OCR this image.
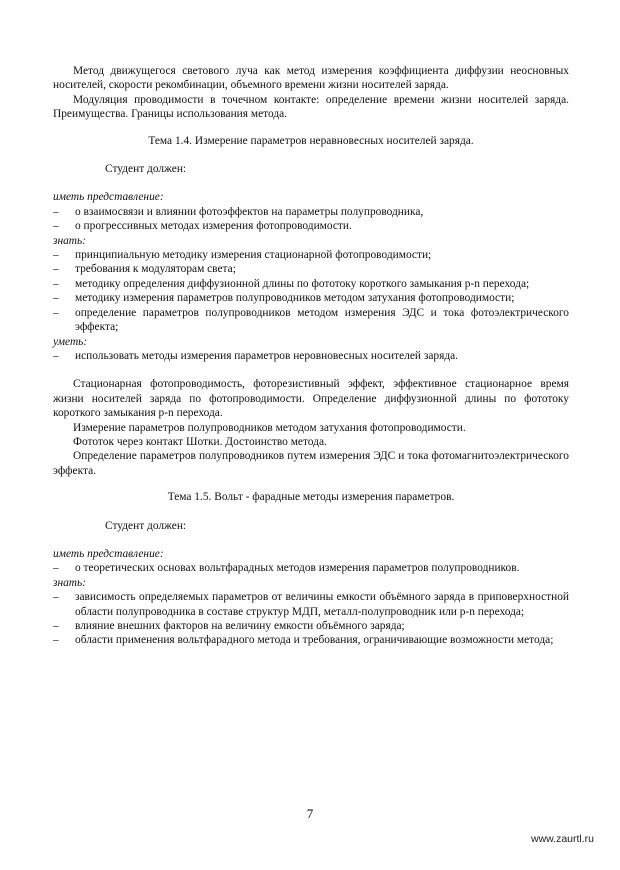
Метод движущегося светового луча как метод измерения коэффициента диффузии неосновных носителей, скорости рекомбинации, объемного времени жизни носителей заряда.

Модуляция проводимости в точечном контакте: определение времени жизни носителей заряда. Преимущества. Границы использования метода.

Тема 1.4. Измерение параметров неравновесных носителей заряда.

Студент должен:

иметь представление:

–	о взаимосвязи и влиянии фотоэффектов на параметры полупроводника,
–	о прогрессивных методах измерения фотопроводимости.

знать:

–	принципиальную методику измерения стационарной фотопроводимости;
–	требования к модуляторам света;
–	методику определения диффузионной длины по фототоку короткого замыкания p-n перехода;
–	методику измерения параметров полупроводников методом затухания фотопроводимости;
–	определение параметров полупроводников методом измерения ЭДС и тока фотоэлектрического эффекта;

уметь:

–	использовать методы измерения параметров неровновесных носителей заряда.

Стационарная фотопроводимость, фоторезистивный эффект, эффективное стационарное время жизни носителей заряда по фотопроводимости. Определение диффузионной длины по фототоку короткого замыкания p-n перехода.

Измерение параметров полупроводников методом затухания фотопроводимости.

Фототок через контакт Шотки. Достоинство метода.

Определение параметров полупроводников путем измерения ЭДС и тока фотомагнитоэлектрического эффекта.

Тема 1.5. Вольт - фарадные методы измерения параметров.

Студент должен:

иметь представление:

–	о теоретических основах вольтфарадных методов измерения параметров полупроводников.

знать:

–	зависимость определяемых параметров от величины емкости объёмного заряда в приповерхностной области полупроводника в составе структур МДП, металл-полупроводник или p-n перехода;
–	влияние внешних факторов на величину емкости объёмного заряда;
–	области применения вольтфарадного метода и требования, ограничивающие возможности метода;
7
www.zaurtl.ru
